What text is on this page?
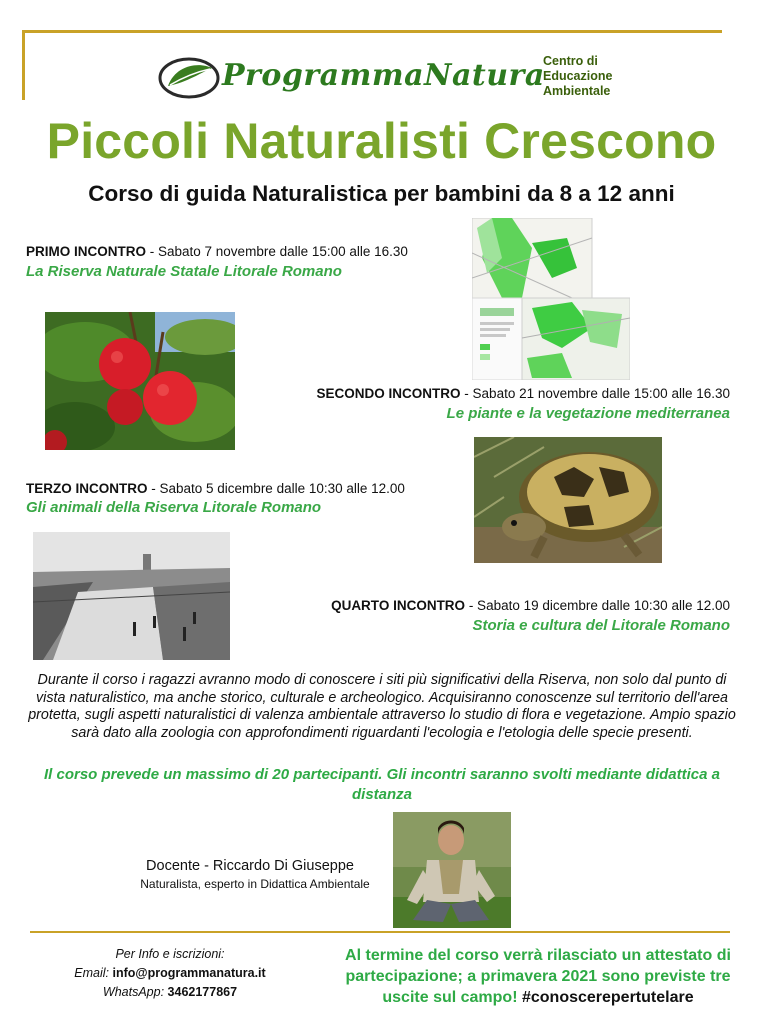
ProgrammaNatura
Centro di
Educazione
Ambientale
Piccoli Naturalisti Crescono
Corso di guida Naturalistica per bambini da 8 a 12 anni
PRIMO INCONTRO - Sabato 7 novembre dalle 15:00 alle 16.30
La Riserva Naturale Statale Litorale Romano
SECONDO INCONTRO - Sabato 21 novembre dalle 15:00 alle 16.30
Le piante e la vegetazione mediterranea
TERZO INCONTRO - Sabato 5 dicembre dalle 10:30 alle 12.00
Gli animali della Riserva Litorale Romano
QUARTO INCONTRO - Sabato 19 dicembre dalle 10:30 alle 12.00
Storia e cultura del Litorale Romano
Durante il corso i ragazzi avranno modo di conoscere i siti più significativi della Riserva, non solo dal punto di vista naturalistico, ma anche storico, culturale e archeologico. Acquisiranno conoscenze sul territorio dell'area protetta, sugli aspetti naturalistici di valenza ambientale attraverso lo studio di flora e vegetazione. Ampio spazio sarà dato alla zoologia con approfondimenti riguardanti l'ecologia e l'etologia delle specie presenti.
Il corso prevede un massimo di 20 partecipanti. Gli incontri saranno svolti mediante didattica a distanza
Docente - Riccardo Di Giuseppe
Naturalista, esperto in Didattica Ambientale
Per Info e iscrizioni:
Email: info@programmanatura.it
WhatsApp: 3462177867
Al termine del corso verrà rilasciato un attestato di partecipazione; a primavera 2021 sono previste tre uscite sul campo! #conoscerepertutelare
